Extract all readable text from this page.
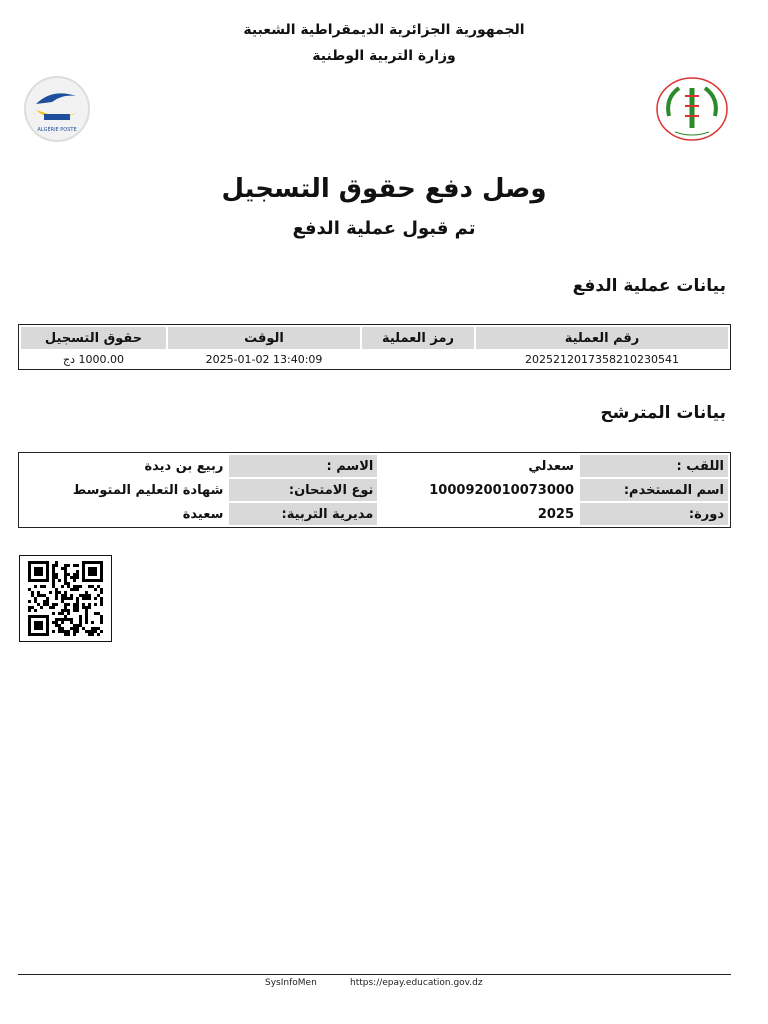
الجمهورية الجزائرية الديمقراطية الشعبية
وزارة التربية الوطنية
ALGÉRIE POSTE
وصل دفع حقوق التسجيل
تم قبول عملية الدفع
بيانات عملية الدفع
رقم العملية	رمز العملية	الوقت	حقوق التسجيل
20252120173582102305​41		13:40:09 2025-01-02	1000.00 دج
بيانات المترشح
اللقب :	سعدلي	الاسم :	ربيع بن ديدة
اسم المستخدم:	1000920010073000	نوع الامتحان:	شهادة التعليم المتوسط
دورة:	2025	مديرية التربية:	سعيدة
SysInfoMen	https://epay.education.gov.dz
